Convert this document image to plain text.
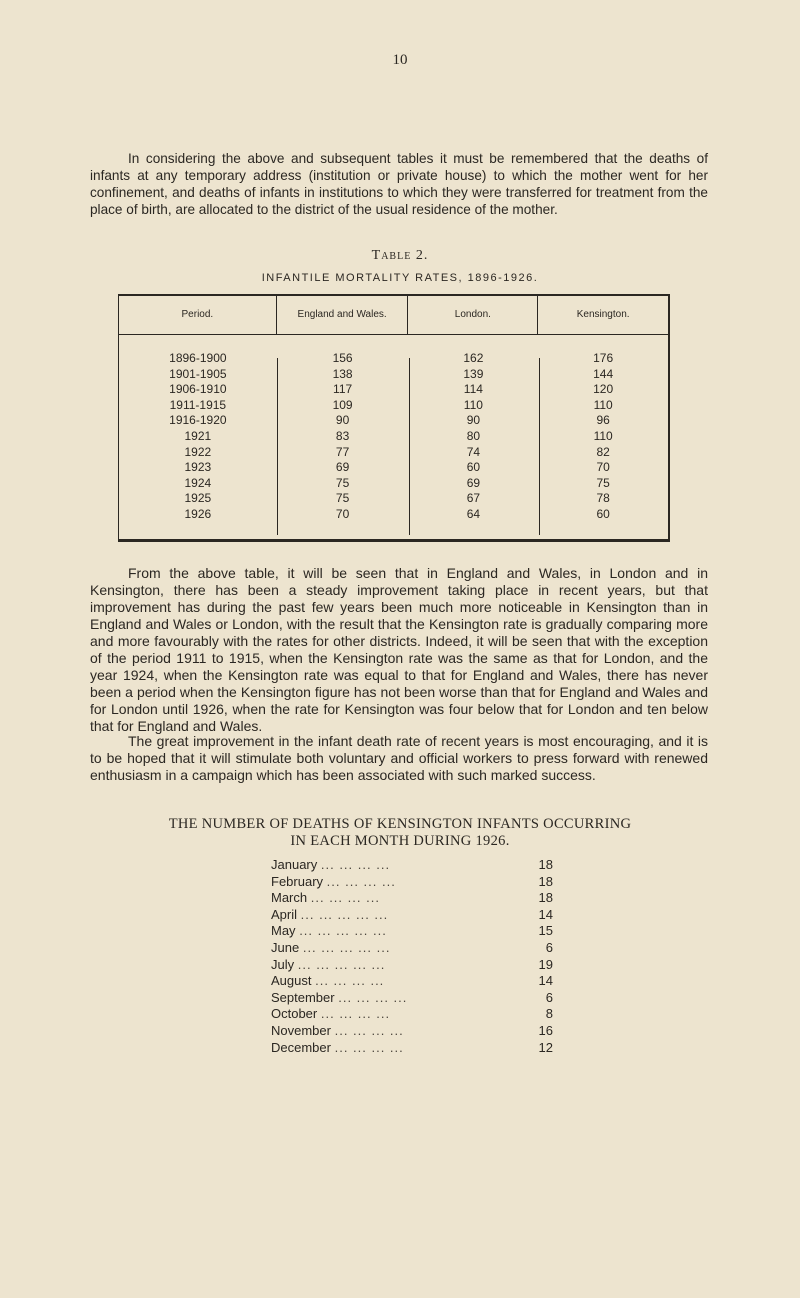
10

In considering the above and subsequent tables it must be remembered that the deaths of infants at any temporary address (institution or private house) to which the mother went for her confinement, and deaths of infants in institutions to which they were transferred for treatment from the place of birth, are allocated to the district of the usual residence of the mother.

Table 2.
INFANTILE MORTALITY RATES, 1896-1926.
Period.	England and Wales.	London.	Kensington.
1896-1900	156	162	176
1901-1905	138	139	144
1906-1910	117	114	120
1911-1915	109	110	110
1916-1920	90	90	96
1921	83	80	110
1922	77	74	82
1923	69	60	70
1924	75	69	75
1925	75	67	78
1926	70	64	60

From the above table, it will be seen that in England and Wales, in London and in Kensington, there has been a steady improvement taking place in recent years, but that improvement has during the past few years been much more noticeable in Kensington than in England and Wales or London, with the result that the Kensington rate is gradually comparing more and more favourably with the rates for other districts. Indeed, it will be seen that with the exception of the period 1911 to 1915, when the Kensington rate was the same as that for London, and the year 1924, when the Kensington rate was equal to that for England and Wales, there has never been a period when the Kensington figure has not been worse than that for England and Wales and for London until 1926, when the rate for Kensington was four below that for London and ten below that for England and Wales.

The great improvement in the infant death rate of recent years is most encouraging, and it is to be hoped that it will stimulate both voluntary and official workers to press forward with renewed enthusiasm in a campaign which has been associated with such marked success.

THE NUMBER OF DEATHS OF KENSINGTON INFANTS OCCURRING
IN EACH MONTH DURING 1926.
January ... ... ... ...	18
February ... ... ... ...	18
March ... ... ... ...	18
April ... ... ... ... ...	14
May ... ... ... ... ...	15
June ... ... ... ... ...	6
July ... ... ... ... ...	19
August ... ... ... ...	14
September ... ... ... ...	6
October ... ... ... ...	8
November ... ... ... ...	16
December ... ... ... ...	12
